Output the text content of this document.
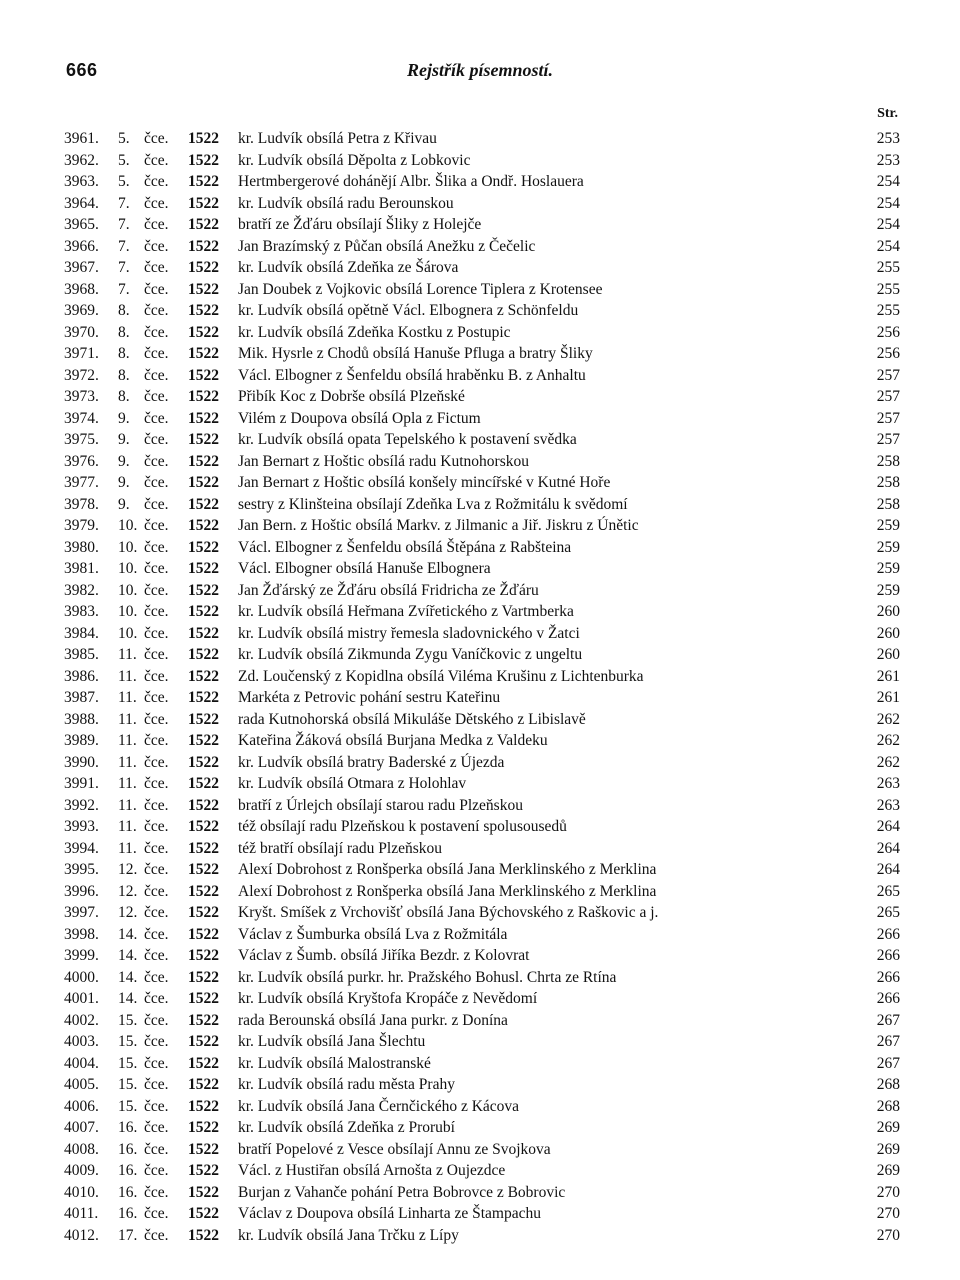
666	Rejstřík písemností.
Str.
3961.	5. čce.	1522	kr. Ludvík obsílá Petra z Křivau . . .	253
3962.	5. čce.	1522	kr. Ludvík obsílá Děpolta z Lobkovic . . .	253
3963.	5. čce.	1522	Hertmbergerové dohánějí Albr. Šlika a Ondř. Hoslauera . . .	254
3964.	7. čce.	1522	kr. Ludvík obsílá radu Berounskou . . .	254
3965.	7. čce.	1522	bratří ze Žďáru obsílají Šliky z Holejče . . .	254
3966.	7. čce.	1522	Jan Brazímský z Půčan obsílá Anežku z Čečelic . . .	254
3967.	7. čce.	1522	kr. Ludvík obsílá Zdeňka ze Šárova . . .	255
3968.	7. čce.	1522	Jan Doubek z Vojkovic obsílá Lorence Tiplera z Krotensee . . .	255
3969.	8. čce.	1522	kr. Ludvík obsílá opětně Václ. Elbognera z Schönfeldu . . .	255
3970.	8. čce.	1522	kr. Ludvík obsílá Zdeňka Kostku z Postupic . . .	256
3971.	8. čce.	1522	Mik. Hysrle z Chodů obsílá Hanuše Pfluga a bratry Šliky . . .	256
3972.	8. čce.	1522	Václ. Elbogner z Šenfeldu obsílá hraběnku B. z Anhaltu . . .	257
3973.	8. čce.	1522	Přibík Koc z Dobrše obsílá Plzeňské . . .	257
3974.	9. čce.	1522	Vilém z Doupova obsílá Opla z Fictum . . .	257
3975.	9. čce.	1522	kr. Ludvík obsílá opata Tepelského k postavení svědka . . .	257
3976.	9. čce.	1522	Jan Bernart z Hoštic obsílá radu Kutnohorskou . . .	258
3977.	9. čce.	1522	Jan Bernart z Hoštic obsílá konšely mincířské v Kutné Hoře . . .	258
3978.	9. čce.	1522	sestry z Klinšteina obsílají Zdeňka Lva z Rožmitálu k svědomí . . .	258
3979.	10. čce.	1522	Jan Bern. z Hoštic obsílá Markv. z Jilmanic a Jiř. Jiskru z Únětic . . .	259
3980.	10. čce.	1522	Václ. Elbogner z Šenfeldu obsílá Štěpána z Rabšteina . . .	259
3981.	10. čce.	1522	Václ. Elbogner obsílá Hanuše Elbognera . . .	259
3982.	10. čce.	1522	Jan Žďárský ze Žďáru obsílá Fridricha ze Žďáru . . .	259
3983.	10. čce.	1522	kr. Ludvík obsílá Heřmana Zvířetického z Vartmberka . . .	260
3984.	10. čce.	1522	kr. Ludvík obsílá mistry řemesla sladovnického v Žatci . . .	260
3985.	11. čce.	1522	kr. Ludvík obsílá Zikmunda Zygu Vaníčkovic z ungeltu . . .	260
3986.	11. čce.	1522	Zd. Loučenský z Kopidlna obsílá Viléma Krušinu z Lichtenburka . . .	261
3987.	11. čce.	1522	Markéta z Petrovic pohání sestru Kateřinu . . .	261
3988.	11. čce.	1522	rada Kutnohorská obsílá Mikuláše Dětského z Libislavě . . .	262
3989.	11. čce.	1522	Kateřina Žáková obsílá Burjana Medka z Valdeku . . .	262
3990.	11. čce.	1522	kr. Ludvík obsílá bratry Baderské z Újezda . . .	262
3991.	11. čce.	1522	kr. Ludvík obsílá Otmara z Holohlav . . .	263
3992.	11. čce.	1522	bratří z Úrlejch obsílají starou radu Plzeňskou . . .	263
3993.	11. čce.	1522	též obsílají radu Plzeňskou k postavení spolusousedů . . .	264
3994.	11. čce.	1522	též bratří obsílají radu Plzeňskou . . .	264
3995.	12. čce.	1522	Alexí Dobrohost z Ronšperka obsílá Jana Merklinského z Merklina . . .	264
3996.	12. čce.	1522	Alexí Dobrohost z Ronšperka obsílá Jana Merklinského z Merklina . . .	265
3997.	12. čce.	1522	Kryšt. Smíšek z Vrchovišť obsílá Jana Býchovského z Raškovic a j. . . .	265
3998.	14. čce.	1522	Václav z Šumburka obsílá Lva z Rožmitála . . .	266
3999.	14. čce.	1522	Václav z Šumb. obsílá Jiříka Bezdr. z Kolovrat . . .	266
4000.	14. čce.	1522	kr. Ludvík obsílá purkr. hr. Pražského Bohusl. Chrta ze Rtína . . .	266
4001.	14. čce.	1522	kr. Ludvík obsílá Kryštofa Kropáče z Nevědomí . . .	266
4002.	15. čce.	1522	rada Berounská obsílá Jana purkr. z Donína . . .	267
4003.	15. čce.	1522	kr. Ludvík obsílá Jana Šlechtu . . .	267
4004.	15. čce.	1522	kr. Ludvík obsílá Malostranské . . .	267
4005.	15. čce.	1522	kr. Ludvík obsílá radu města Prahy . . .	268
4006.	15. čce.	1522	kr. Ludvík obsílá Jana Černčického z Kácova . . .	268
4007.	16. čce.	1522	kr. Ludvík obsílá Zdeňka z Prorubí . . .	269
4008.	16. čce.	1522	bratří Popelové z Vesce obsílají Annu ze Svojkova . . .	269
4009.	16. čce.	1522	Václ. z Hustiřan obsílá Arnošta z Oujezdce . . .	269
4010.	16. čce.	1522	Burjan z Vahanče pohání Petra Bobrovce z Bobrovic . . .	270
4011.	16. čce.	1522	Václav z Doupova obsílá Linharta ze Štampachu . . .	270
4012.	17. čce.	1522	kr. Ludvík obsílá Jana Trčku z Lípy . . .	270
